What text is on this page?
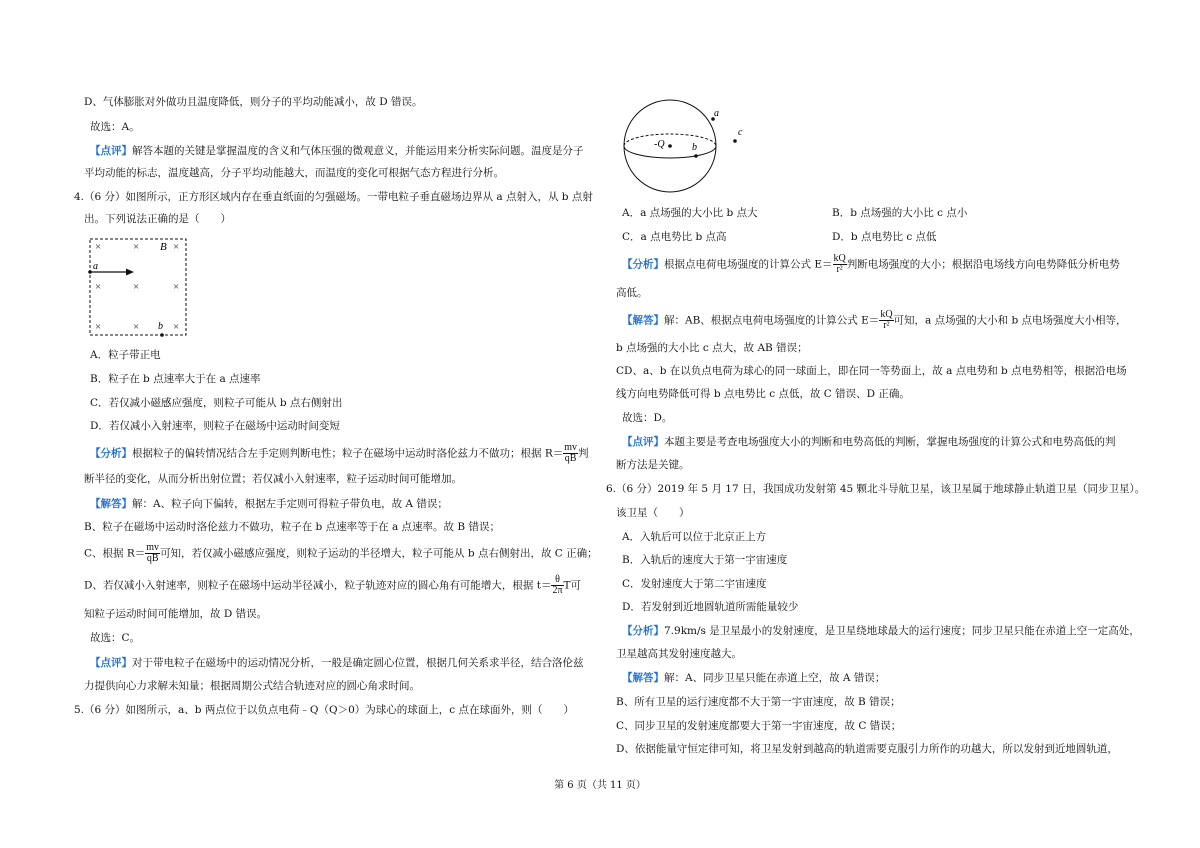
D、气体膨胀对外做功且温度降低，则分子的平均动能减小，故 D 错误。
故选：A。
【点评】解答本题的关键是掌握温度的含义和气体压强的微观意义，并能运用来分析实际问题。温度是分子
平均动能的标志，温度越高，分子平均动能越大，而温度的变化可根据气态方程进行分析。
4.（6 分）如图所示，正方形区域内存在垂直纸面的匀强磁场。一带电粒子垂直磁场边界从 a 点射入，从 b 点射
出。下列说法正确的是（　　）
×	×	×
×	×	×
×	×	×
B
a
b
A．粒子带正电
B．粒子在 b 点速率大于在 a 点速率
C．若仅减小磁感应强度，则粒子可能从 b 点右侧射出
D．若仅减小入射速率，则粒子在磁场中运动时间变短
【分析】根据粒子的偏转情况结合左手定则判断电性；粒子在磁场中运动时洛伦兹力不做功；根据 $R= \frac{mv}{qB}$ 判
断半径的变化，从而分析出射位置；若仅减小入射速率，粒子运动时间可能增加。
【解答】解：A、粒子向下偏转，根据左手定则可得粒子带负电，故 A 错误；
B、粒子在磁场中运动时洛伦兹力不做功，粒子在 b 点速率等于在 a 点速率。故 B 错误；
C、根据 $R= \frac{mv}{qB}$ 可知，若仅减小磁感应强度，则粒子运动的半径增大，粒子可能从 b 点右侧射出，故 C 正确；
D、若仅减小入射速率，则粒子在磁场中运动半径减小，粒子轨迹对应的圆心角有可能增大，根据 $t= \frac{\theta}{2\pi}$ T可
知粒子运动时间可能增加，故 D 错误。
故选：C。
【点评】对于带电粒子在磁场中的运动情况分析，一般是确定圆心位置，根据几何关系求半径，结合洛伦兹
力提供向心力求解未知量；根据周期公式结合轨迹对应的圆心角求时间。
5.（6 分）如图所示，a、b 两点位于以负点电荷﹣Q（Q＞0）为球心的球面上，c 点在球面外，则（　　）
-Q
a
b
c
A．a 点场强的大小比 b 点大	B．b 点场强的大小比 c 点小
C．a 点电势比 b 点高	D．b 点电势比 c 点低
【分析】根据点电荷电场强度的计算公式 $E= \frac{kQ}{\text{r²}}$ 判断电场强度的大小；根据沿电场线方向电势降低分析电势
高低。
【解答】解：AB、根据点电荷电场强度的计算公式 $E= \frac{kQ}{\text{r²}}$ 可知，a 点场强的大小和 b 点电场强度大小相等，
b 点场强的大小比 c 点大，故 AB 错误；
CD、a、b 在以负点电荷为球心的同一球面上，即在同一等势面上，故 a 点电势和 b 点电势相等，根据沿电场
线方向电势降低可得 b 点电势比 c 点低，故 C 错误、D 正确。
故选：D。
【点评】本题主要是考查电场强度大小的判断和电势高低的判断，掌握电场强度的计算公式和电势高低的判
断方法是关键。
6.（6 分）2019 年 5 月 17 日，我国成功发射第 45 颗北斗导航卫星，该卫星属于地球静止轨道卫星（同步卫星）。
该卫星（　　）
A．入轨后可以位于北京正上方
B．入轨后的速度大于第一宇宙速度
C．发射速度大于第二宇宙速度
D．若发射到近地圆轨道所需能量较少
【分析】7.9km/s 是卫星最小的发射速度，是卫星绕地球最大的运行速度；同步卫星只能在赤道上空一定高处，
卫星越高其发射速度越大。
【解答】解：A、同步卫星只能在赤道上空，故 A 错误；
B、所有卫星的运行速度都不大于第一宇宙速度，故 B 错误；
C、同步卫星的发射速度都要大于第一宇宙速度，故 C 错误；
D、依据能量守恒定律可知，将卫星发射到越高的轨道需要克服引力所作的功越大，所以发射到近地圆轨道，
第 6 页（共 11 页）
